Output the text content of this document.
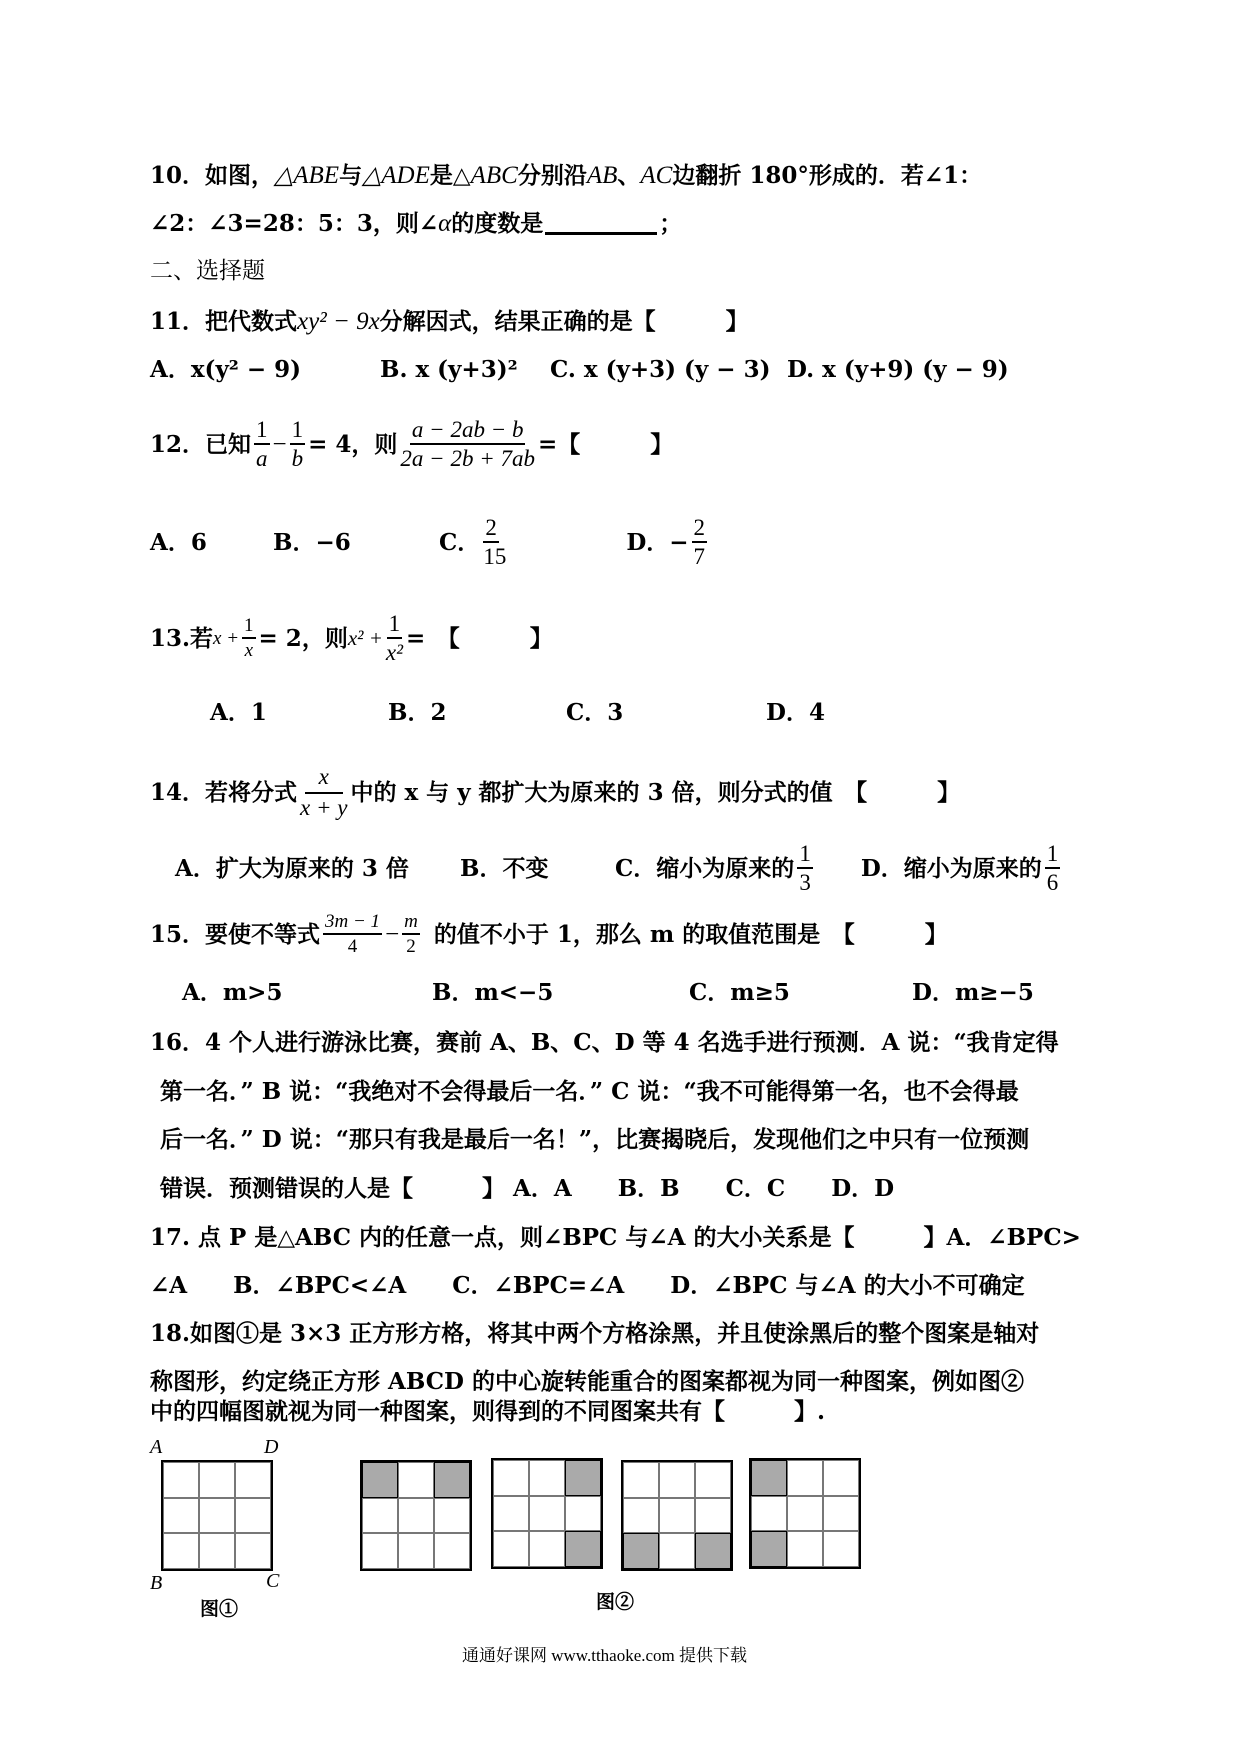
10．如图， △ABE 与 △ADE 是△ ABC 分别沿 AB 、 AC 边翻折 180°形成的．若∠1：
∠2：∠3=28：5：3，则∠ α 的度数是	；
二、选择题
11．把代数式 xy² − 9x 分解因式，结果正确的是【	】
A．x(y² − 9)	B. x (y+3)²	C. x (y+3) (y − 3) D. x (y+9) (y − 9)
12．已知 $\frac{1}{a} - \frac{1}{b} = 4$，则 $\frac{a - 2ab - b}{2a - 2b + 7ab}$ =【	】
A．6	B．−6	C． $\frac{2}{15}$ D．− $\frac{2}{7}$
13.若 $x + \frac{1}{x} = 2$，则 $x^2 + \frac{1}{\text{x²}}$ =　【	】
A．1	B．2	C．3	D．4
14．若将分式 $\frac{x}{x + y}$ 中的 x 与 y 都扩大为原来的 3 倍，则分式的值　【	】
A．扩大为原来的 3 倍	B．不变	C．缩小为原来的 $\frac{1}{3}$ D．缩小为原来的 $\frac{1}{6}$
15．要使不等式 $\frac{3m - 1}{4} - \frac{m}{2}$ 的值不小于 1，那么 m 的取值范围是　【	】
A．m>5	B．m<−5	C．m≥5	D．m≥−5
16．4 个人进行游泳比赛，赛前 A、B、C、D 等 4 名选手进行预测．A 说：“我肯定得
第一名．” B 说：“我绝对不会得最后一名．” C 说：“我不可能得第一名，也不会得最
后一名．” D 说：“那只有我是最后一名！”，比赛揭晓后，发现他们之中只有一位预测
错误．预测错误的人是【　　　】 A．A　　B．B　　C．C　　D．D
17. 点 P 是△ABC 内的任意一点，则∠BPC 与∠A 的大小关系是【　　　】A．∠BPC>
∠A　　B．∠BPC<∠A　　C．∠BPC=∠A　　D．∠BPC 与∠A 的大小不可确定
18.如图①是 3×3 正方形方格，将其中两个方格涂黑，并且使涂黑后的整个图案是轴对
称图形，约定绕正方形 ABCD 的中心旋转能重合的图案都视为同一种图案，例如图②
中的四幅图就视为同一种图案，则得到的不同图案共有【　　　】.
A	D
B	C
图①	图②
通通好课网 www.tthaoke.com 提供下载
